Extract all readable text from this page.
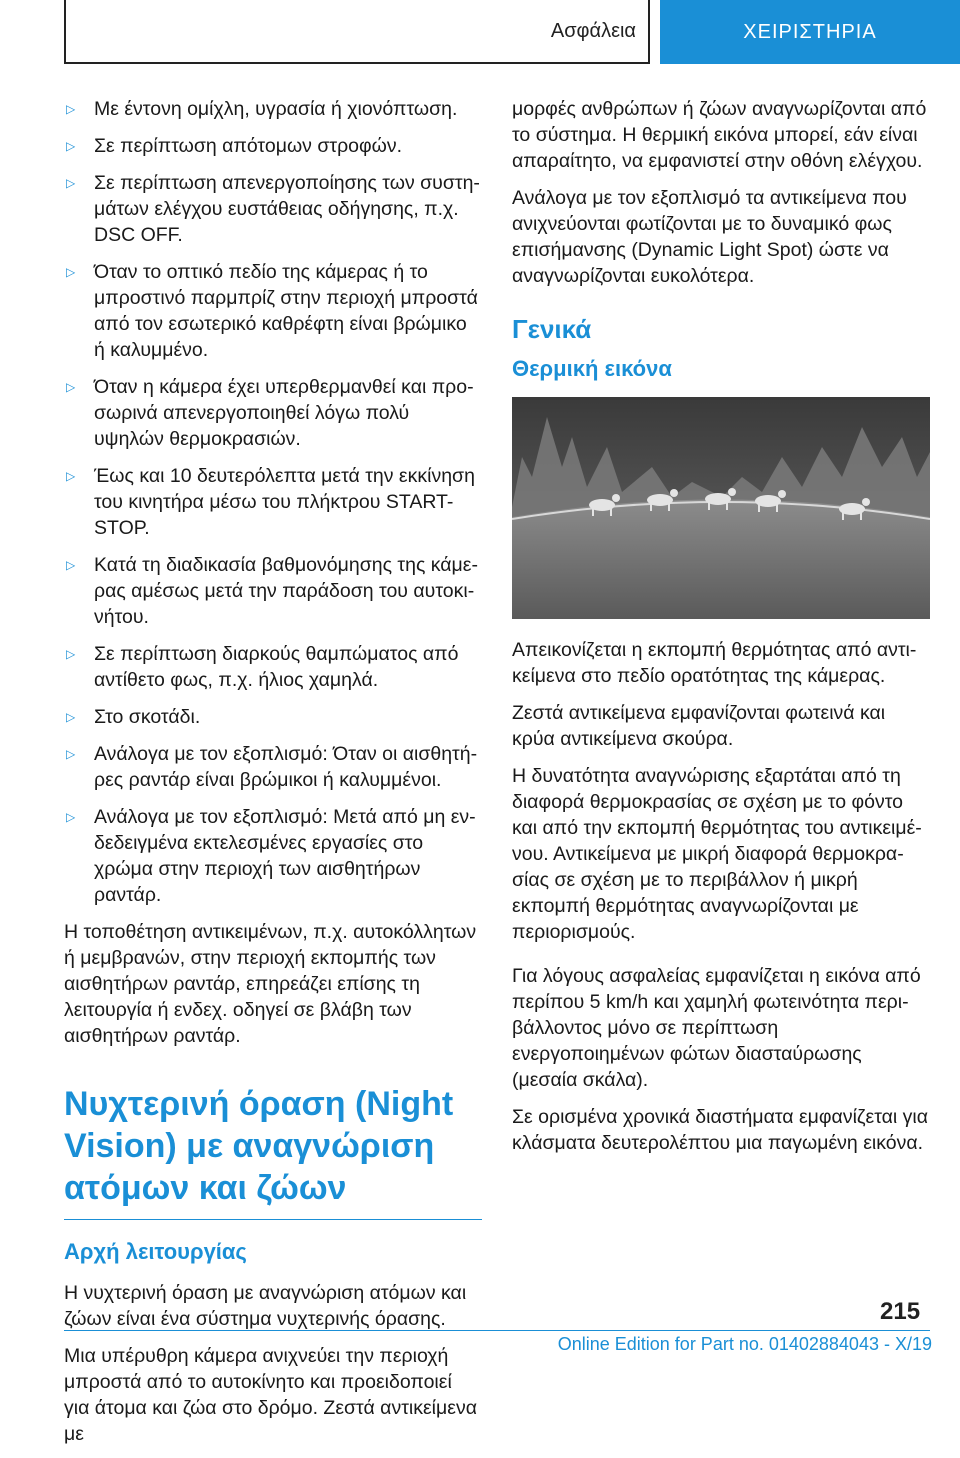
Ασφάλεια	ΧΕΙΡΙΣΤΗΡΙΑ
▷ Με έντονη ομίχλη, υγρασία ή χιονόπτωση.
▷ Σε περίπτωση απότομων στροφών.
▷ Σε περίπτωση απενεργοποίησης των συστημάτων ελέγχου ευστάθειας οδήγησης, π.χ. DSC OFF.
▷ Όταν το οπτικό πεδίο της κάμερας ή το μπροστινό παρμπρίζ στην περιοχή μπροστά από τον εσωτερικό καθρέφτη είναι βρώμικο ή καλυμμένο.
▷ Όταν η κάμερα έχει υπερθερμανθεί και προσωρινά απενεργοποιηθεί λόγω πολύ υψηλών θερμοκρασιών.
▷ Έως και 10 δευτερόλεπτα μετά την εκκίνηση του κινητήρα μέσω του πλήκτρου START-STOP.
▷ Κατά τη διαδικασία βαθμονόμησης της κάμερας αμέσως μετά την παράδοση του αυτοκινήτου.
▷ Σε περίπτωση διαρκούς θαμπώματος από αντίθετο φως, π.χ. ήλιος χαμηλά.
▷ Στο σκοτάδι.
▷ Ανάλογα με τον εξοπλισμό: Όταν οι αισθητήρες ραντάρ είναι βρώμικοι ή καλυμμένοι.
▷ Ανάλογα με τον εξοπλισμό: Μετά από μη ενδεδειγμένα εκτελεσμένες εργασίες στο χρώμα στην περιοχή των αισθητήρων ραντάρ.

Η τοποθέτηση αντικειμένων, π.χ. αυτοκόλλητων ή μεμβρανών, στην περιοχή εκπομπής των αισθητήρων ραντάρ, επηρεάζει επίσης τη λειτουργία ή ενδεχ. οδηγεί σε βλάβη των αισθητήρων ραντάρ.

Νυχτερινή όραση (Night Vision) με αναγνώριση ατόμων και ζώων
Αρχή λειτουργίας

Η νυχτερινή όραση με αναγνώριση ατόμων και ζώων είναι ένα σύστημα νυχτερινής όρασης.

Μια υπέρυθρη κάμερα ανιχνεύει την περιοχή μπροστά από το αυτοκίνητο και προειδοποιεί για άτομα και ζώα στο δρόμο. Ζεστά αντικείμενα με

μορφές ανθρώπων ή ζώων αναγνωρίζονται από το σύστημα. Η θερμική εικόνα μπορεί, εάν είναι απαραίτητο, να εμφανιστεί στην οθόνη ελέγχου.

Ανάλογα με τον εξοπλισμό τα αντικείμενα που ανιχνεύονται φωτίζονται με το δυναμικό φως επισήμανσης (Dynamic Light Spot) ώστε να αναγνωρίζονται ευκολότερα.

Γενικά
Θερμική εικόνα

Απεικονίζεται η εκπομπή θερμότητας από αντικείμενα στο πεδίο ορατότητας της κάμερας.

Ζεστά αντικείμενα εμφανίζονται φωτεινά και κρύα αντικείμενα σκούρα.

Η δυνατότητα αναγνώρισης εξαρτάται από τη διαφορά θερμοκρασίας σε σχέση με το φόντο και από την εκπομπή θερμότητας του αντικειμένου. Αντικείμενα με μικρή διαφορά θερμοκρασίας σε σχέση με το περιβάλλον ή μικρή εκπομπή θερμότητας αναγνωρίζονται με περιορισμούς.

Για λόγους ασφαλείας εμφανίζεται η εικόνα από περίπου 5 km/h και χαμηλή φωτεινότητα περιβάλλοντος μόνο σε περίπτωση ενεργοποιημένων φώτων διασταύρωσης (μεσαία σκάλα).

Σε ορισμένα χρονικά διαστήματα εμφανίζεται για κλάσματα δευτερολέπτου μια παγωμένη εικόνα.

215
Online Edition for Part no. 01402884043 - X/19
